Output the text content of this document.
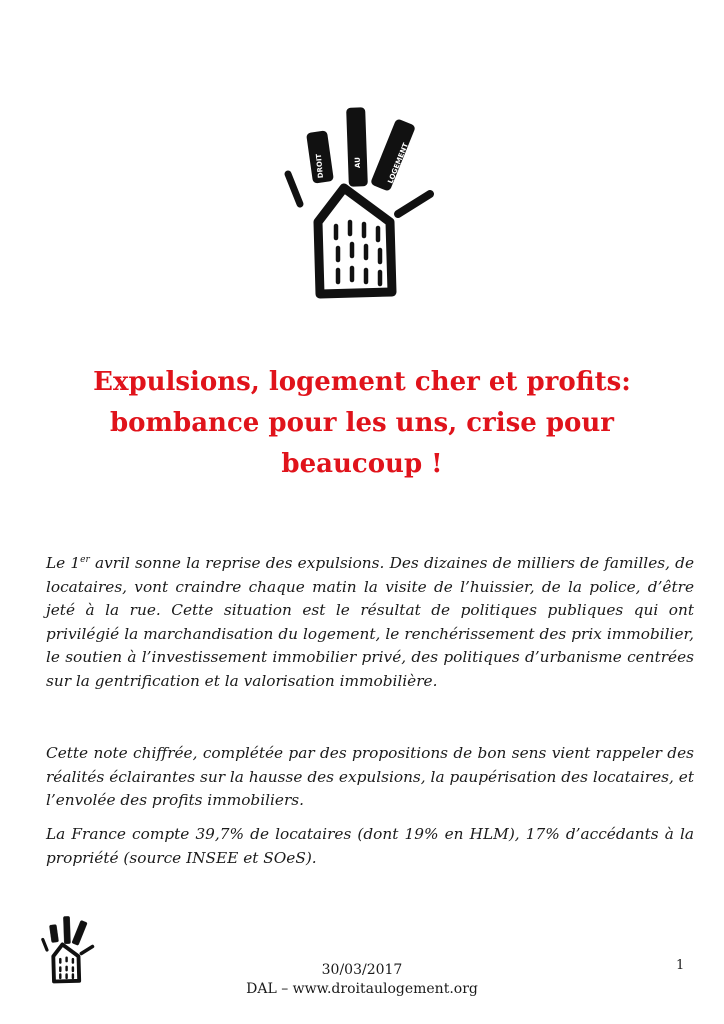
DROIT	AU	LOGEMENT
Expulsions, logement cher et profits:
bombance pour les uns, crise pour
beaucoup !

Le 1er avril sonne la reprise des expulsions. Des dizaines de milliers de familles, de locataires, vont craindre chaque matin la visite de l’huissier, de la police, d’être jeté à la rue. Cette situation est le résultat de politiques publiques qui ont privilégié la marchandisation du logement, le renchérissement des prix immobilier, le soutien à l’investissement immobilier privé, des politiques d’urbanisme centrées sur la gentrification et la valorisation immobilière.

Cette note chiffrée, complétée par des propositions de bon sens vient rappeler des réalités éclairantes sur la hausse des expulsions, la paupérisation des locataires, et l’envolée des profits immobiliers.

La France compte 39,7% de locataires (dont 19% en HLM), 17% d’accédants à la propriété (source INSEE et SOeS).

30/03/2017
DAL – www.droitaulogement.org
1
